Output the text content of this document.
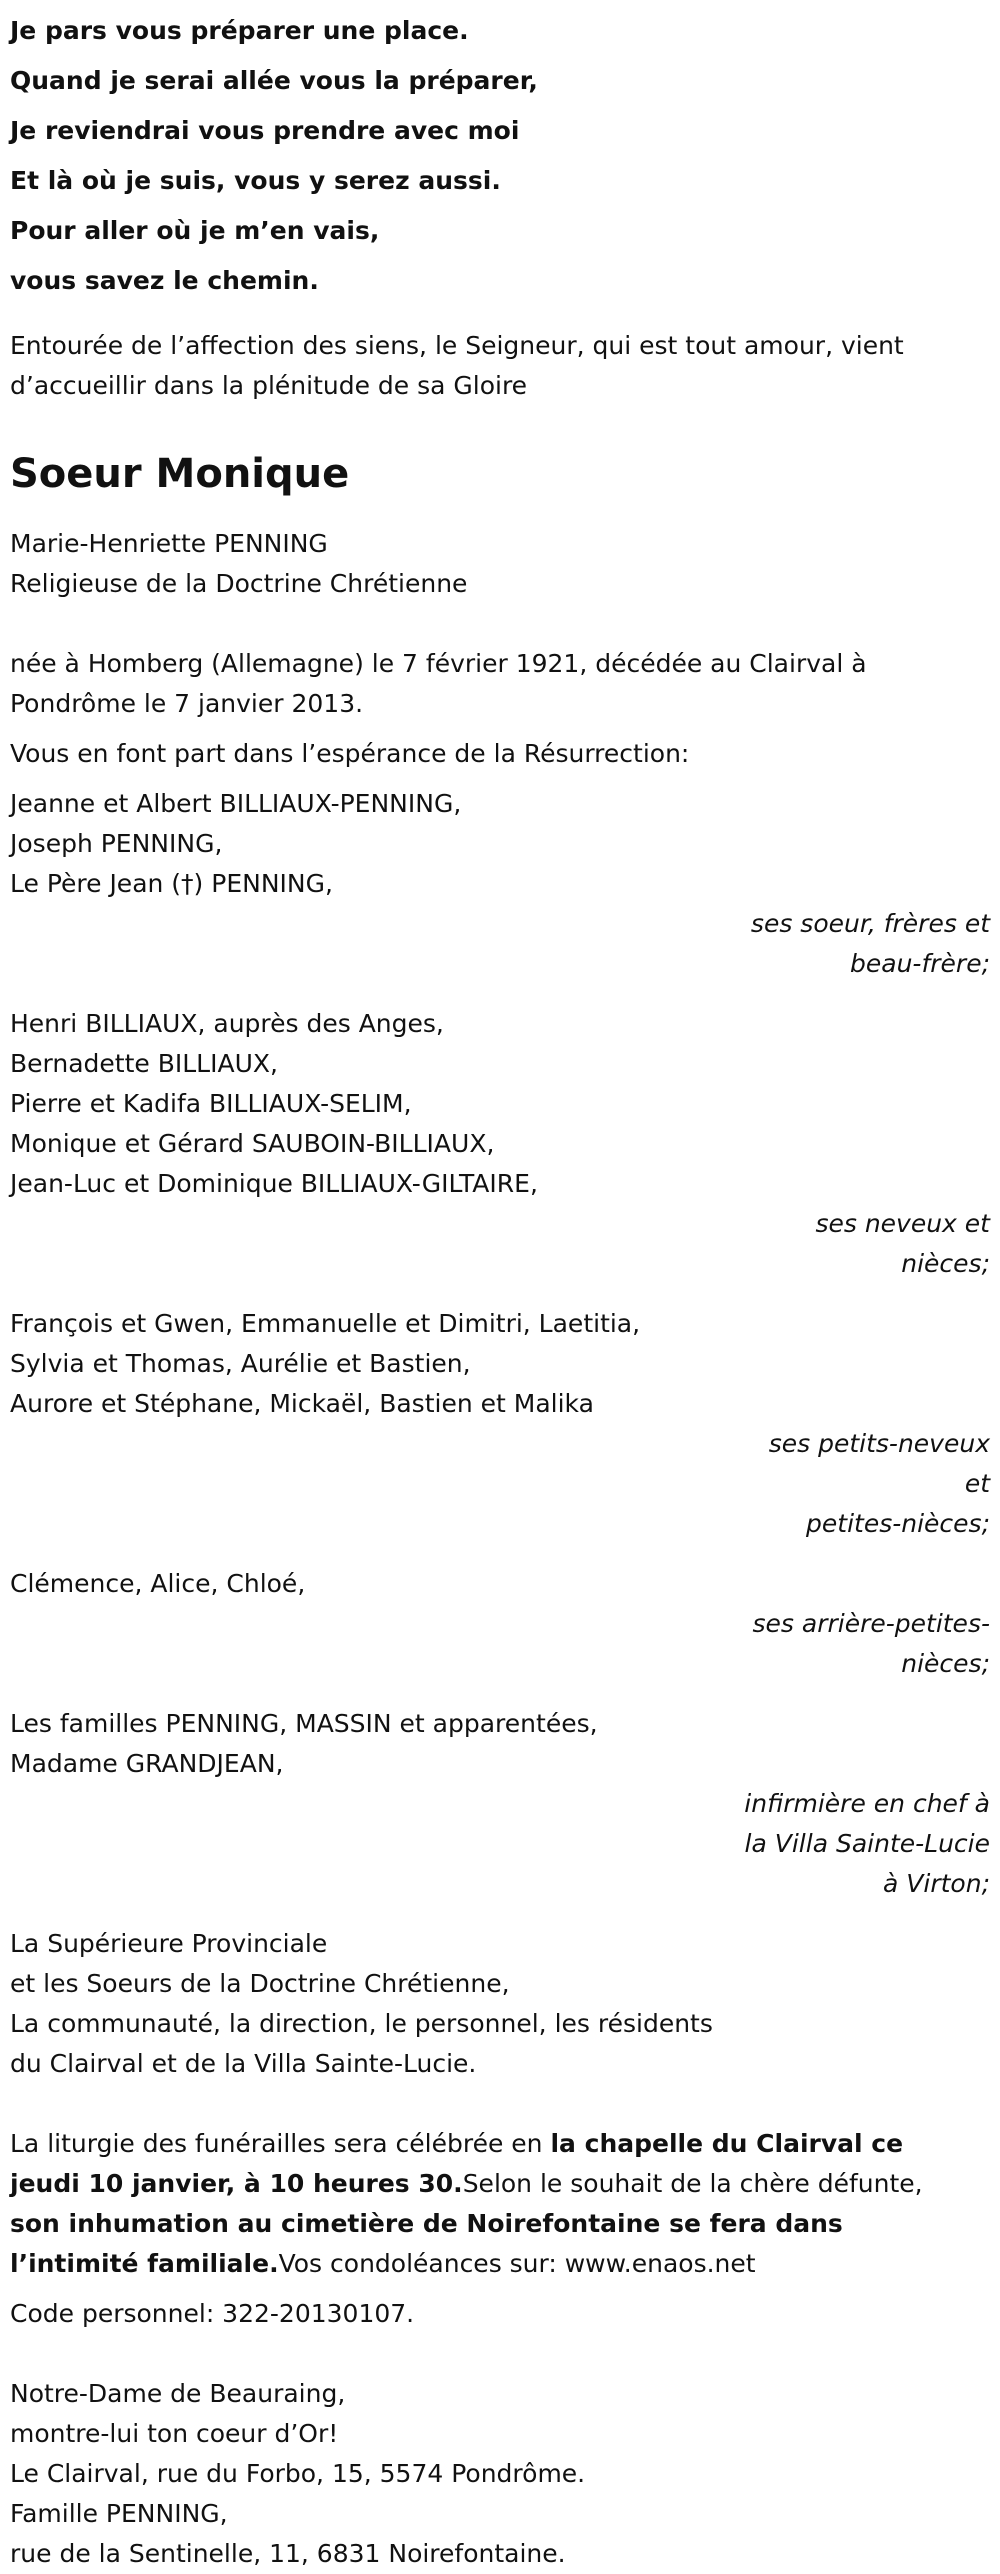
Je pars vous préparer une place.
Quand je serai allée vous la préparer,
Je reviendrai vous prendre avec moi
Et là où je suis, vous y serez aussi.
Pour aller où je m’en vais,
vous savez le chemin.
Entourée de l’affection des siens, le Seigneur, qui est tout amour, vient
d’accueillir dans la plénitude de sa Gloire
Soeur Monique
Marie-Henriette PENNING
Religieuse de la Doctrine Chrétienne
née à Homberg (Allemagne) le 7 février 1921, décédée au Clairval à
Pondrôme le 7 janvier 2013.
Vous en font part dans l’espérance de la Résurrection:
Jeanne et Albert BILLIAUX-PENNING,
Joseph PENNING,
Le Père Jean (†) PENNING,
ses soeur, frères et
beau-frère;
Henri BILLIAUX, auprès des Anges,
Bernadette BILLIAUX,
Pierre et Kadifa BILLIAUX-SELIM,
Monique et Gérard SAUBOIN-BILLIAUX,
Jean-Luc et Dominique BILLIAUX-GILTAIRE,
ses neveux et
nièces;
François et Gwen, Emmanuelle et Dimitri, Laetitia,
Sylvia et Thomas, Aurélie et Bastien,
Aurore et Stéphane, Mickaël, Bastien et Malika
ses petits-neveux et
petites-nièces;
Clémence, Alice, Chloé,
ses arrière-petites-
nièces;
Les familles PENNING, MASSIN et apparentées,
Madame GRANDJEAN,
infirmière en chef à
la Villa Sainte-Lucie
à Virton;
La Supérieure Provinciale
et les Soeurs de la Doctrine Chrétienne,
La communauté, la direction, le personnel, les résidents
du Clairval et de la Villa Sainte-Lucie.
La liturgie des funérailles sera célébrée en la chapelle du Clairval ce jeudi 10 janvier, à 10 heures 30.Selon le souhait de la chère défunte, son inhumation au cimetière de Noirefontaine se fera dans l’intimité familiale.Vos condoléances sur: www.enaos.net
Code personnel: 322-20130107.
Notre-Dame de Beauraing,
montre-lui ton coeur d’Or!
Le Clairval, rue du Forbo, 15, 5574 Pondrôme.
Famille PENNING,
rue de la Sentinelle, 11, 6831 Noirefontaine.
